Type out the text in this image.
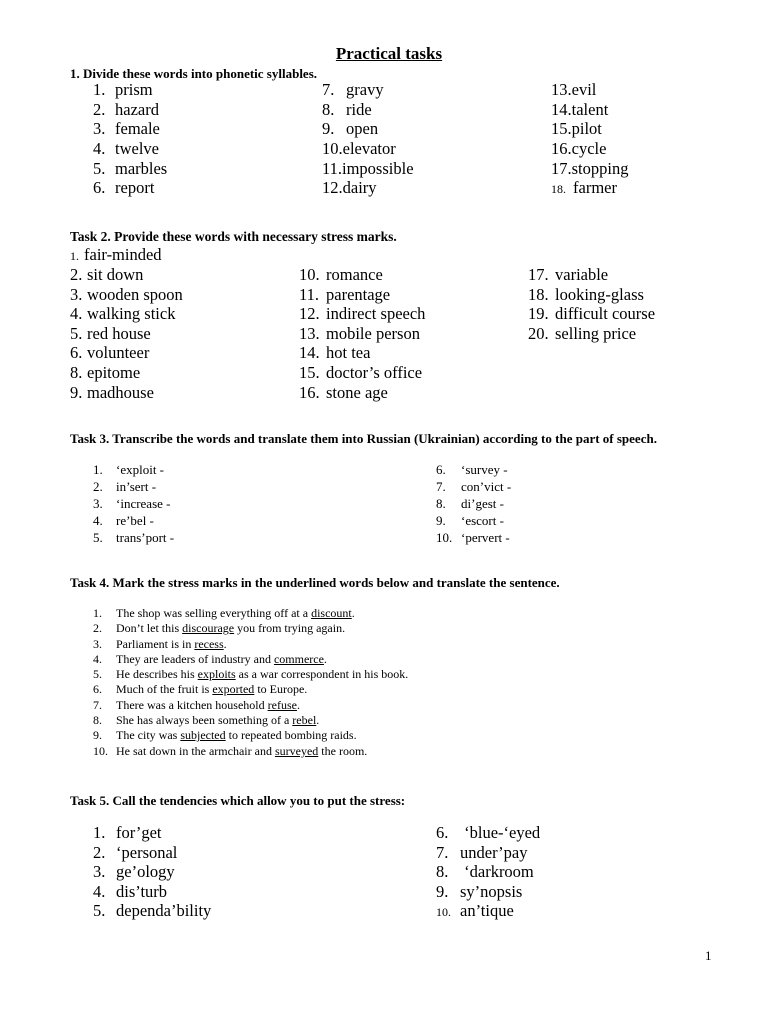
Practical tasks
1. Divide these words into phonetic syllables.
1. prism
2. hazard
3. female
4. twelve
5. marbles
6. report
7. gravy
8. ride
9. open
10.elevator
11.impossible
12.dairy
13.evil
14.talent
15.pilot
16.cycle
17.stopping
18. farmer
Task 2. Provide these words with necessary stress marks.
1. fair-minded
2. sit down
3. wooden spoon
4. walking stick
5. red house
6. volunteer
8. epitome
9. madhouse
10. romance
11. parentage
12. indirect speech
13. mobile person
14. hot tea
15. doctor’s office
16. stone age
17. variable
18. looking-glass
19. difficult course
20. selling price
Task 3. Transcribe the words and translate them into Russian (Ukrainian) according to the part of speech.
1. ‘exploit -
2. in’sert -
3. ‘increase -
4. re’bel -
5. trans’port -
6. ‘survey -
7. con’vict -
8. di’gest -
9. ‘escort -
10. ‘pervert -
Task 4. Mark the stress marks in the underlined words below and translate the sentence.
1. The shop was selling everything off at a discount.
2. Don’t let this discourage you from trying again.
3. Parliament is in recess.
4. They are leaders of industry and commerce.
5. He describes his exploits as a war correspondent in his book.
6. Much of the fruit is exported to Europe.
7. There was a kitchen household refuse.
8. She has always been something of a rebel.
9. The city was subjected to repeated bombing raids.
10. He sat down in the armchair and surveyed the room.
Task 5. Call the tendencies which allow you to put the stress:
1. for’get
2. ‘personal
3. ge’ology
4. dis’turb
5. dependa’bility
6. ‘blue-‘eyed
7. under’pay
8. ‘darkroom
9. sy’nopsis
10. an’tique
1
